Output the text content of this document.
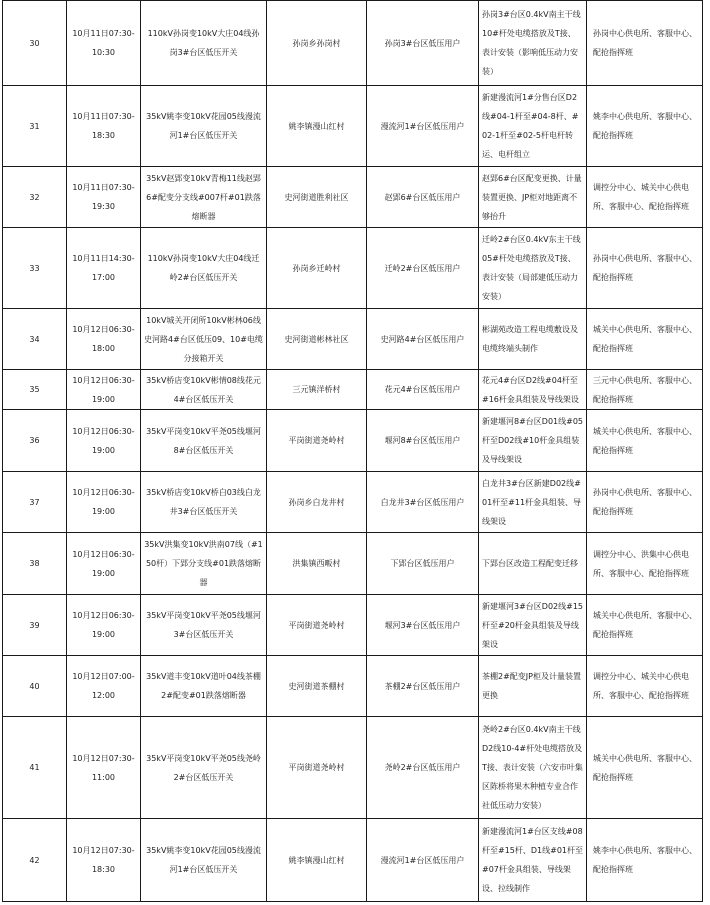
30	10月11日07:30-10:30	110kV孙岗变10kV大庄04线孙岗3#台区低压开关	孙岗乡孙岗村	孙岗3#台区低压用户	孙岗3#台区0.4kV南主干线10#杆处电缆搭放及T接、表计安装（影响低压动力安装）	孙岗中心供电所、客服中心、配抢指挥班
31	10月11日07:30-18:30	35kV姚李变10kV花园05线漫流河1#台区低压开关	姚李镇漫山红村	漫流河1#台区低压用户	新建漫流河1#分售台区D2线#04-1杆至#04-8杆、#02-1杆至#02-5杆电杆转运、电杆组立	姚李中心供电所、客服中心、配抢指挥班
32	10月11日07:30-19:30	35kV赵郢变10kV青梅11线赵郢6#配变分支线#007杆#01跌落熔断器	史河街道胜利社区	赵郢6#台区低压用户	赵郢6#台区配变更换、计量装置更换、JP柜对地距离不够抬升	调控分中心、城关中心供电所、客服中心、配抢指挥班
33	10月11日14:30-17:00	110kV孙岗变10kV大庄04线迁岭2#台区低压开关	孙岗乡迁岭村	迁岭2#台区低压用户	迁岭2#台区0.4kV东主干线05#杆处电缆搭放及T接、表计安装（局部建低压动力安装）	孙岗中心供电所、客服中心、配抢指挥班
34	10月12日06:30-18:00	10kV城关开闭所10kV彬林06线史河路4#台区低压09、10#电缆分接箱开关	史河街道彬林社区	史河路4#台区低压用户	彬湖苑改造工程电缆敷设及电缆终端头制作	城关中心供电所、客服中心、配抢指挥班
35	10月12日06:30-19:00	35kV桥店变10kV彬情08线花元4#台区低压开关	三元镇洋桥村	花元4#台区低压用户	花元4#台区D2线#04杆至#16杆金具组装及导线架设	三元中心供电所、客服中心、配抢指挥班
36	10月12日06:30-19:00	35kV平岗变10kV平尧05线堰河8#台区低压开关	平岗街道尧岭村	堰河8#台区低压用户	新建堰河8#台区D01线#05杆至D02线#10杆金具组装及导线架设	城关中心供电所、客服中心、配抢指挥班
37	10月12日06:30-19:00	35kV桥店变10kV桥白03线白龙井3#台区低压开关	孙岗乡白龙井村	白龙井3#台区低压用户	白龙井3#台区新建D02线#01杆至#11杆金具组装、导线架设	孙岗中心供电所、客服中心、配抢指挥班
38	10月12日06:30-19:00	35kV洪集变10kV洪南07线（#150杆）下郢分支线#01跌落熔断器	洪集镇西畈村	下郢台区低压用户	下郢台区改造工程配变迁移	调控分中心、洪集中心供电所、客服中心、配抢指挥班
39	10月12日06:30-19:00	35kV平岗变10kV平尧05线堰河3#台区低压开关	平岗街道尧岭村	堰河3#台区低压用户	新建堰河3#台区D02线#15杆至#20杆金具组装及导线架设	城关中心供电所、客服中心、配抢指挥班
40	10月12日07:00-12:00	35kV道丰变10kV道叶04线茶棚2#配变#01跌落熔断器	史河街道茶棚村	茶棚2#台区低压用户	茶棚2#配变JP柜及计量装置更换	调控分中心、城关中心供电所、客服中心、配抢指挥班
41	10月12日07:30-11:00	35kV平岗变10kV平尧05线尧岭2#台区低压开关	平岗街道尧岭村	尧岭2#台区低压用户	尧岭2#台区0.4kV南主干线D2线10-4#杆处电缆搭放及T接、表计安装（六安市叶集区陈桥将果木种植专业合作社低压动力安装）	城关中心供电所、客服中心、配抢指挥班
42	10月12日07:30-18:30	35kV姚李变10kV花园05线漫流河1#台区低压开关	姚李镇漫山红村	漫流河1#台区低压用户	新建漫流河1#台区支线#08杆至#15杆、D1线#01杆至#07杆金具组装、导线架设、拉线制作	姚李中心供电所、客服中心、配抢指挥班
